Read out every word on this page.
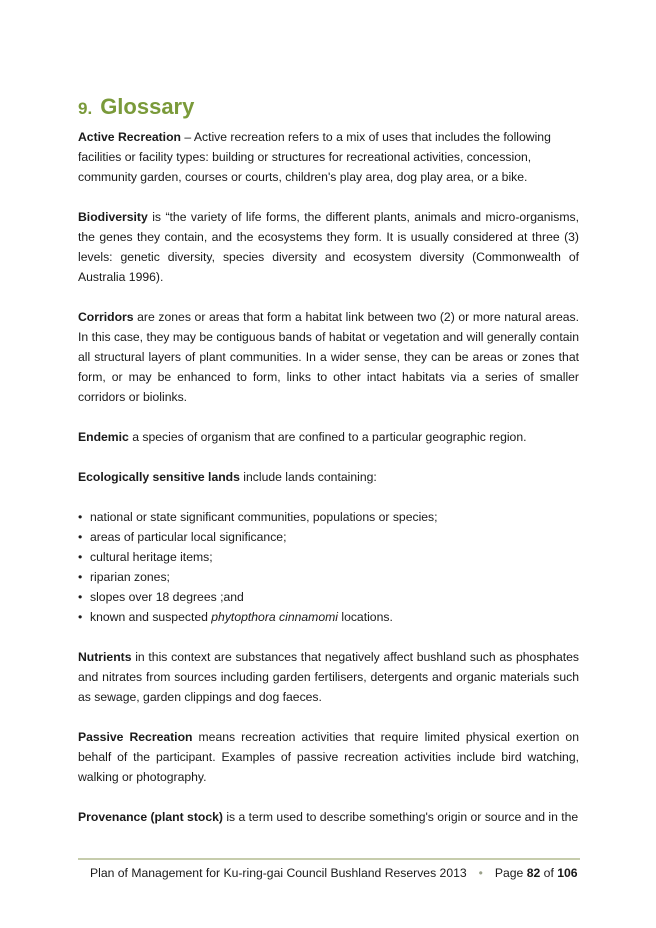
9. Glossary

Active Recreation – Active recreation refers to a mix of uses that includes the following facilities or facility types: building or structures for recreational activities, concession, community garden, courses or courts, children's play area, dog play area, or a bike.

Biodiversity is “the variety of life forms, the different plants, animals and micro-organisms, the genes they contain, and the ecosystems they form. It is usually considered at three (3) levels: genetic diversity, species diversity and ecosystem diversity (Commonwealth of Australia 1996).

Corridors are zones or areas that form a habitat link between two (2) or more natural areas. In this case, they may be contiguous bands of habitat or vegetation and will generally contain all structural layers of plant communities. In a wider sense, they can be areas or zones that form, or may be enhanced to form, links to other intact habitats via a series of smaller corridors or biolinks.

Endemic a species of organism that are confined to a particular geographic region.

Ecologically sensitive lands include lands containing:

• national or state significant communities, populations or species;
• areas of particular local significance;
• cultural heritage items;
• riparian zones;
• slopes over 18 degrees ;and
• known and suspected phytopthora cinnamomi locations.

Nutrients in this context are substances that negatively affect bushland such as phosphates and nitrates from sources including garden fertilisers, detergents and organic materials such as sewage, garden clippings and dog faeces.

Passive Recreation means recreation activities that require limited physical exertion on behalf of the participant. Examples of passive recreation activities include bird watching, walking or photography.

Provenance (plant stock) is a term used to describe something's origin or source and in the

Plan of Management for Ku-ring-gai Council Bushland Reserves 2013 • Page 82 of 106
